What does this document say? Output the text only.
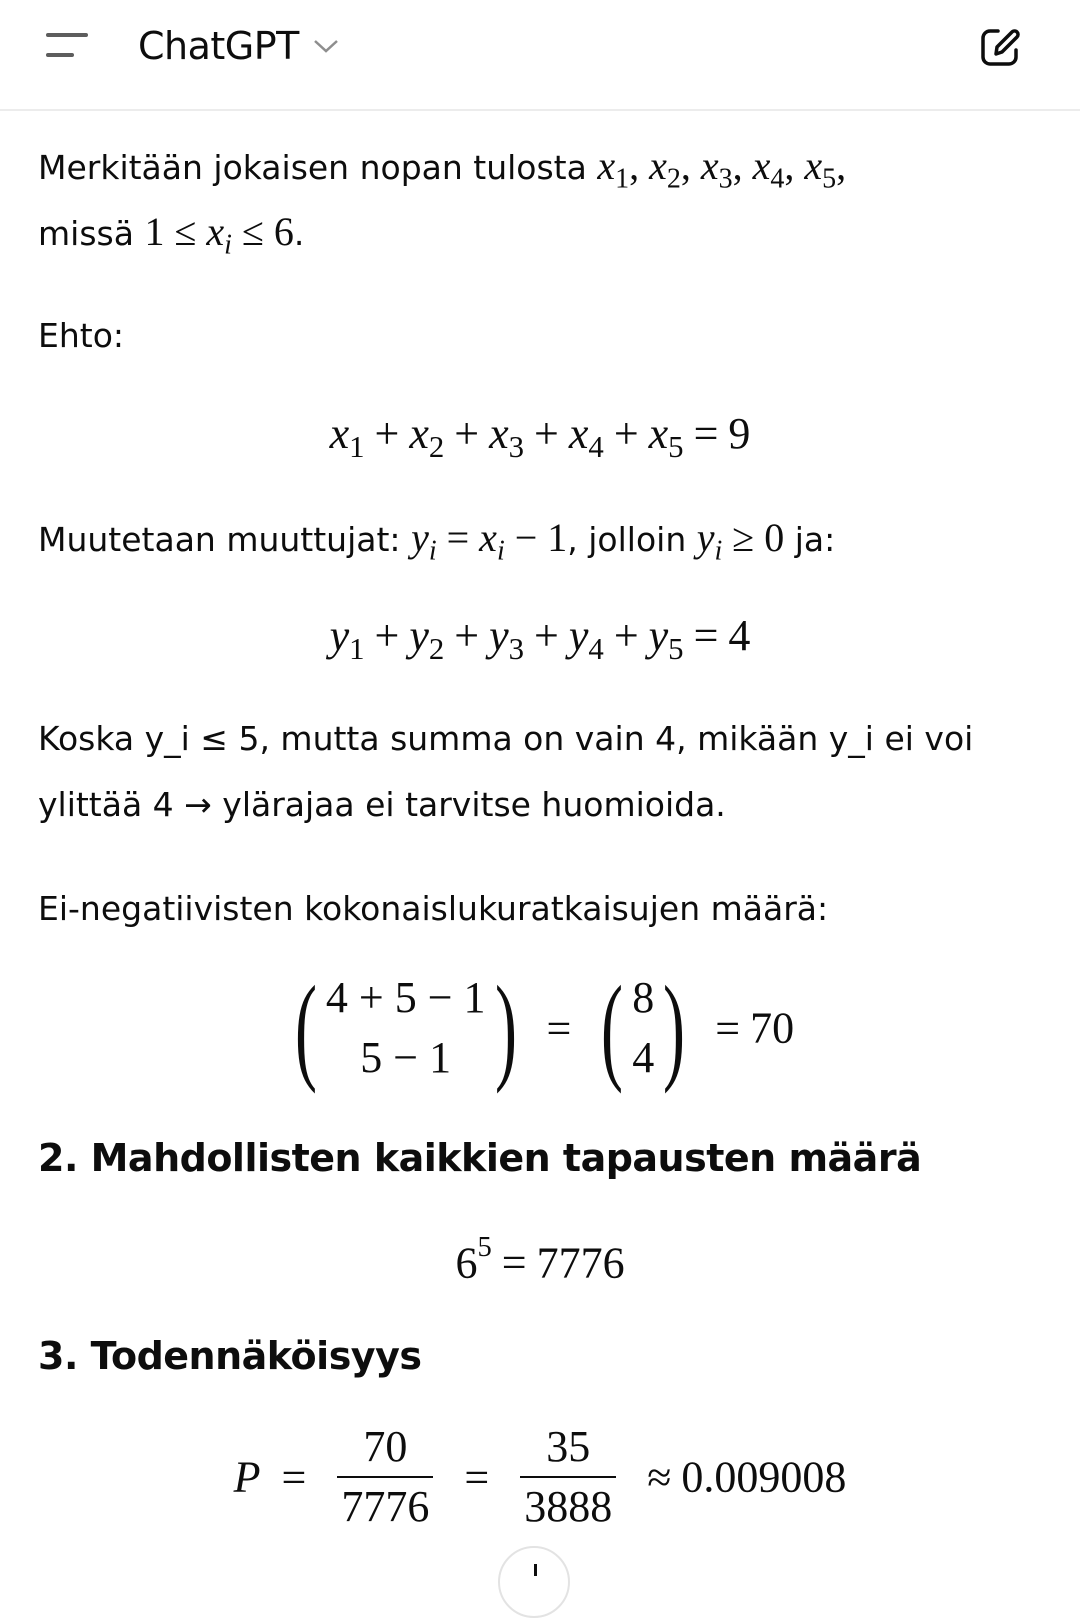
ChatGPT
Merkitään jokaisen nopan tulosta $x_1$, $x_2$, $x_3$, $x_4$, $x_5$,
missä $1 \le x_i \le 6$.
Ehto:
$x_1 + x_2 + x_3 + x_4 + x_5 = 9$
Muutetaan muuttujat: $y_i = x_i - 1$, jolloin $y_i \ge 0$ ja:
$y_1 + y_2 + y_3 + y_4 + y_5 = 4$
Koska y_i ≤ 5, mutta summa on vain 4, mikään y_i ei voi
ylittää 4 → ylärajaa ei tarvitse huomioida.
Ei-negatiivisten kokonaislukuratkaisujen määrä:
( 4 + 5 − 1
5 − 1 ) = ( 8
4 ) = 70
2. Mahdollisten kaikkien tapausten määrä
$6^5 = 7776$
3. Todennäköisyys
$P = \frac{70}{7776} = \frac{35}{3888} \approx 0.009008$
